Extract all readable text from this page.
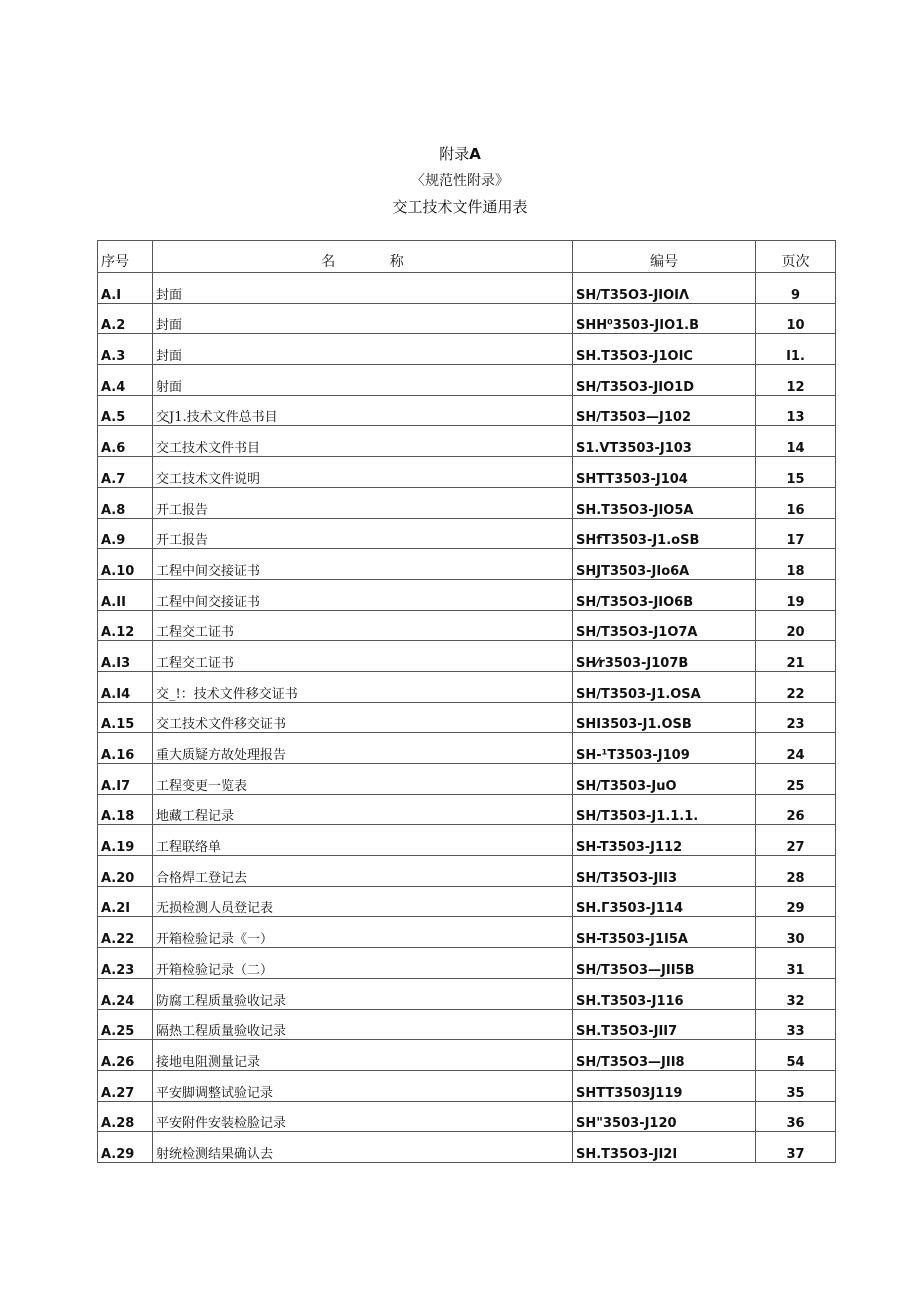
附录A
〈规范性附录》
交工技术文件通用表
序号	名 称	编号	页次
A.I	封面	SH/T35O3-JIOIΛ	9
A.2	封面	SHH⁰3503-JIO1.B	10
A.3	封面	SH.T35O3-J1OIC	I1.
A.4	射面	SH/T35O3-JIO1D	12
A.5	交J1.技术文件总书目	SH/T3503—J102	13
A.6	交工技术文件书目	S1.VT3503-J103	14
A.7	交工技术文件说明	SHTT3503-J104	15
A.8	开工报告	SH.T35O3-JIO5A	16
A.9	开工报告	SHfT3503-J1.oSB	17
A.10	工程中间交接证书	SHJT3503-JIo6A	18
A.II	工程中间交接证书	SH/T35O3-JIO6B	19
A.12	工程交工证书	SH/T35O3-J1O7A	20
A.I3	工程交工证书	SH⁄r3503-J107B	21
A.I4	交_!：技术文件移交证书	SH/T3503-J1.OSA	22
A.15	交工技术文件移交证书	SHI3503-J1.OSB	23
A.16	重大质疑方故处理报告	SH-¹T3503-J109	24
A.I7	工程变更一览表	SH/T3503-JuO	25
A.18	地藏工程记录	SH/T3503-J1.1.1.	26
A.19	工程联络单	SH-T3503-J112	27
A.20	合格焊工登记去	SH/T35O3-JII3	28
A.2I	无损检测人员登记表	SH.Γ3503-J114	29
A.22	开箱检验记录《一）	SH-T3503-J1I5A	30
A.23	开箱检验记录（二）	SH/T35O3—JII5B	31
A.24	防腐工程质量验收记录	SH.T3503-J116	32
A.25	隔热工程质量验收记录	SH.T35O3-JII7	33
A.26	接地电阻测量记录	SH/T35O3—JII8	54
A.27	平安脚调整试验记录	SHTT3503J119	35
A.28	平安附件安装检脸记录	SH"3503-J120	36
A.29	射统检测结果确认去	SH.T35O3-JI2I	37
